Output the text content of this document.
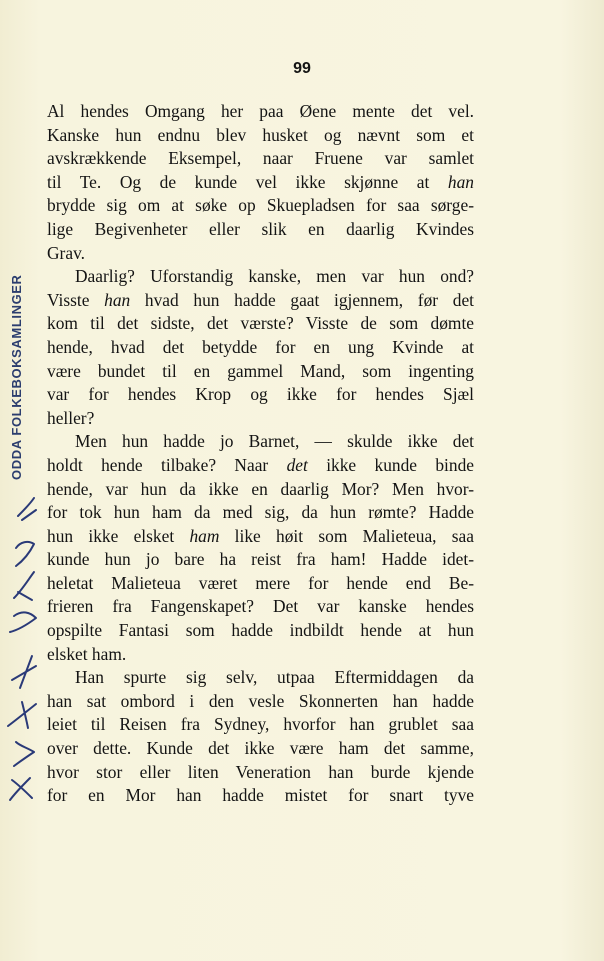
99
ODDA FOLKEBOKSAMLINGER
Al hendes Omgang her paa Øene mente det vel.
Kanske hun endnu blev husket og nævnt som et
avskrækkende Eksempel, naar Fruene var samlet
til Te. Og de kunde vel ikke skjønne at han
brydde sig om at søke op Skuepladsen for saa sørge-
lige Begivenheter eller slik en daarlig Kvindes
Grav.
Daarlig? Uforstandig kanske, men var hun ond?
Visste han hvad hun hadde gaat igjennem, før det
kom til det sidste, det værste? Visste de som dømte
hende, hvad det betydde for en ung Kvinde at
være bundet til en gammel Mand, som ingenting
var for hendes Krop og ikke for hendes Sjæl
heller?
Men hun hadde jo Barnet, — skulde ikke det
holdt hende tilbake? Naar det ikke kunde binde
hende, var hun da ikke en daarlig Mor? Men hvor-
for tok hun ham da med sig, da hun rømte? Hadde
hun ikke elsket ham like høit som Malieteua, saa
kunde hun jo bare ha reist fra ham! Hadde idet-
heletat Malieteua været mere for hende end Be-
frieren fra Fangenskapet? Det var kanske hendes
opspilte Fantasi som hadde indbildt hende at hun
elsket ham.
Han spurte sig selv, utpaa Eftermiddagen da
han sat ombord i den vesle Skonnerten han hadde
leiet til Reisen fra Sydney, hvorfor han grublet saa
over dette. Kunde det ikke være ham det samme,
hvor stor eller liten Veneration han burde kjende
for en Mor han hadde mistet for snart tyve
